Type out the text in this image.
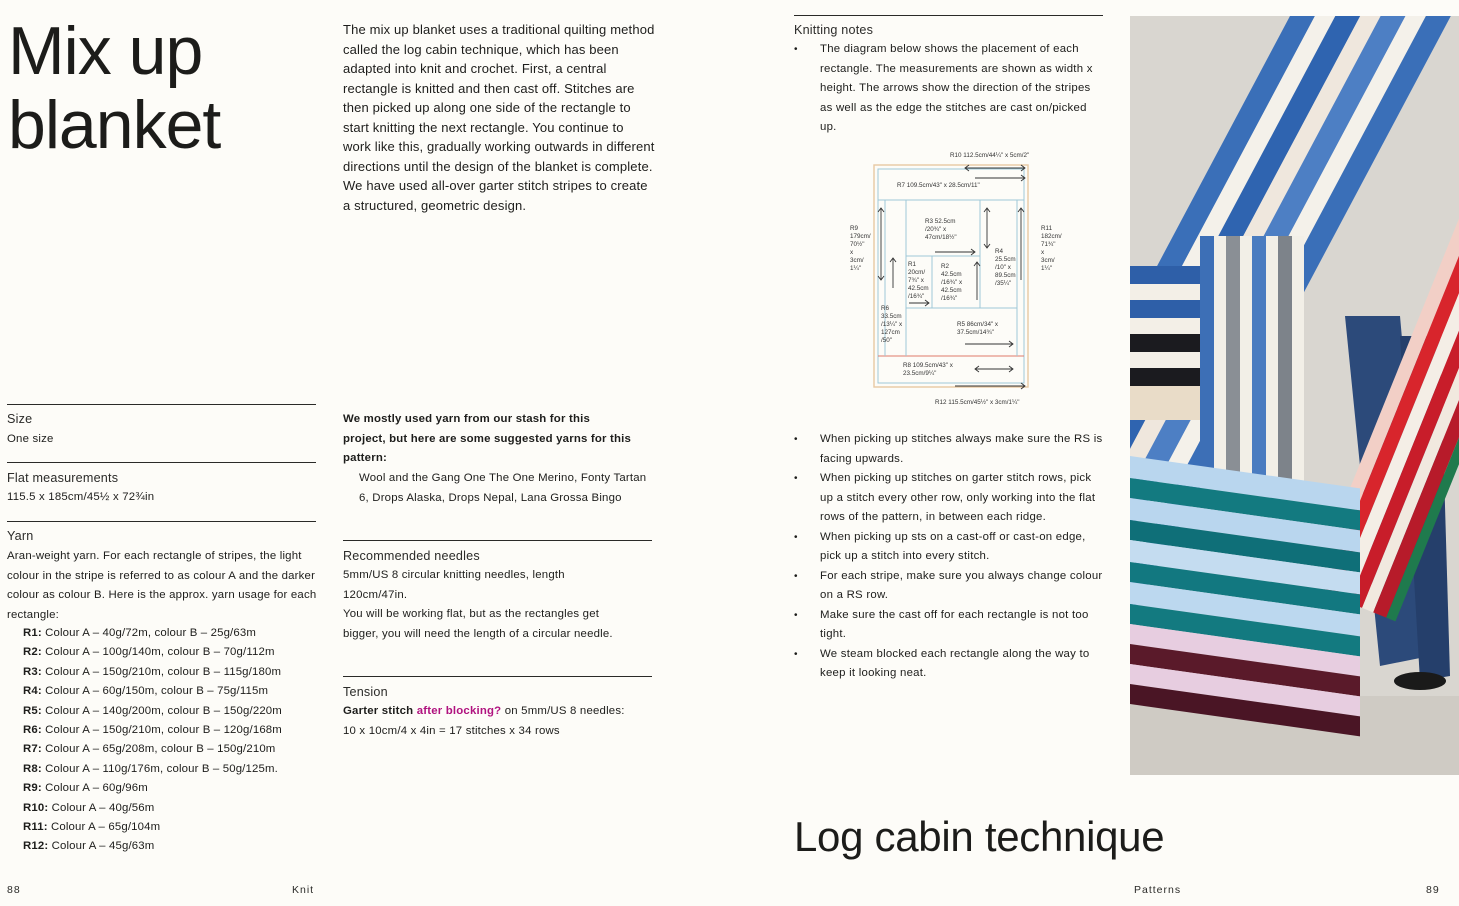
Mix up
blanket
The mix up blanket uses a traditional quilting method called the log cabin technique, which has been adapted into knit and crochet. First, a central rectangle is knitted and then cast off. Stitches are then picked up along one side of the rectangle to start knitting the next rectangle. You continue to work like this, gradually working outwards in different directions until the design of the blanket is complete. We have used all-over garter stitch stripes to create a structured, geometric design.
Size
One size
Flat measurements
115.5 x 185cm/45½ x 72¾in
Yarn
Aran-weight yarn. For each rectangle of stripes, the light colour in the stripe is referred to as colour A and the darker colour as colour B. Here is the approx. yarn usage for each rectangle:
R1: Colour A – 40g/72m, colour B – 25g/63m
R2: Colour A – 100g/140m, colour B – 70g/112m
R3: Colour A – 150g/210m, colour B – 115g/180m
R4: Colour A – 60g/150m, colour B – 75g/115m
R5: Colour A – 140g/200m, colour B – 150g/220m
R6: Colour A – 150g/210m, colour B – 120g/168m
R7: Colour A – 65g/208m, colour B – 150g/210m
R8: Colour A – 110g/176m, colour B – 50g/125m.
R9: Colour A – 60g/96m
R10: Colour A – 40g/56m
R11: Colour A – 65g/104m
R12: Colour A – 45g/63m
We mostly used yarn from our stash for this project, but here are some suggested yarns for this pattern:
Wool and the Gang One The One Merino, Fonty Tartan 6, Drops Alaska, Drops Nepal, Lana Grossa Bingo
Recommended needles
5mm/US 8 circular knitting needles, length 120cm/47in.
You will be working flat, but as the rectangles get bigger, you will need the length of a circular needle.
Tension
Garter stitch after blocking? on 5mm/US 8 needles:
10 x 10cm/4 x 4in = 17 stitches x 34 rows
88	Knit
Knitting notes
• The diagram below shows the placement of each rectangle. The measurements are shown as width x height. The arrows show the direction of the stripes as well as the edge the stitches are cast on/picked up.
R10 112.5cm/44¼" x 5cm/2"
R7 109.5cm/43" x 28.5cm/11"
R9
179cm/
70½"
x
3cm/
1¼"
R11
182cm/
71¾"
x
3cm/
1¼"
R3 52.5cm
/20¾" x
47cm/18½"
R4
25.5cm
/10" x
89.5cm
/35¼"
R1
20cm/
7¾" x
42.5cm
/16¾"
R2
42.5cm
/16¾" x
42.5cm
/16¾"
R6
33.5cm
/13¼" x
127cm
/50"
R5 86cm/34" x
37.5cm/14¾"
R8 109.5cm/43" x
23.5cm/9¼"
R12 115.5cm/45½" x 3cm/1¼"
• When picking up stitches always make sure the RS is facing upwards.
• When picking up stitches on garter stitch rows, pick up a stitch every other row, only working into the flat rows of the pattern, in between each ridge.
• When picking up sts on a cast-off or cast-on edge, pick up a stitch into every stitch.
• For each stripe, make sure you always change colour on a RS row.
• Make sure the cast off for each rectangle is not too tight.
• We steam blocked each rectangle along the way to keep it looking neat.
Log cabin technique
Patterns	89
